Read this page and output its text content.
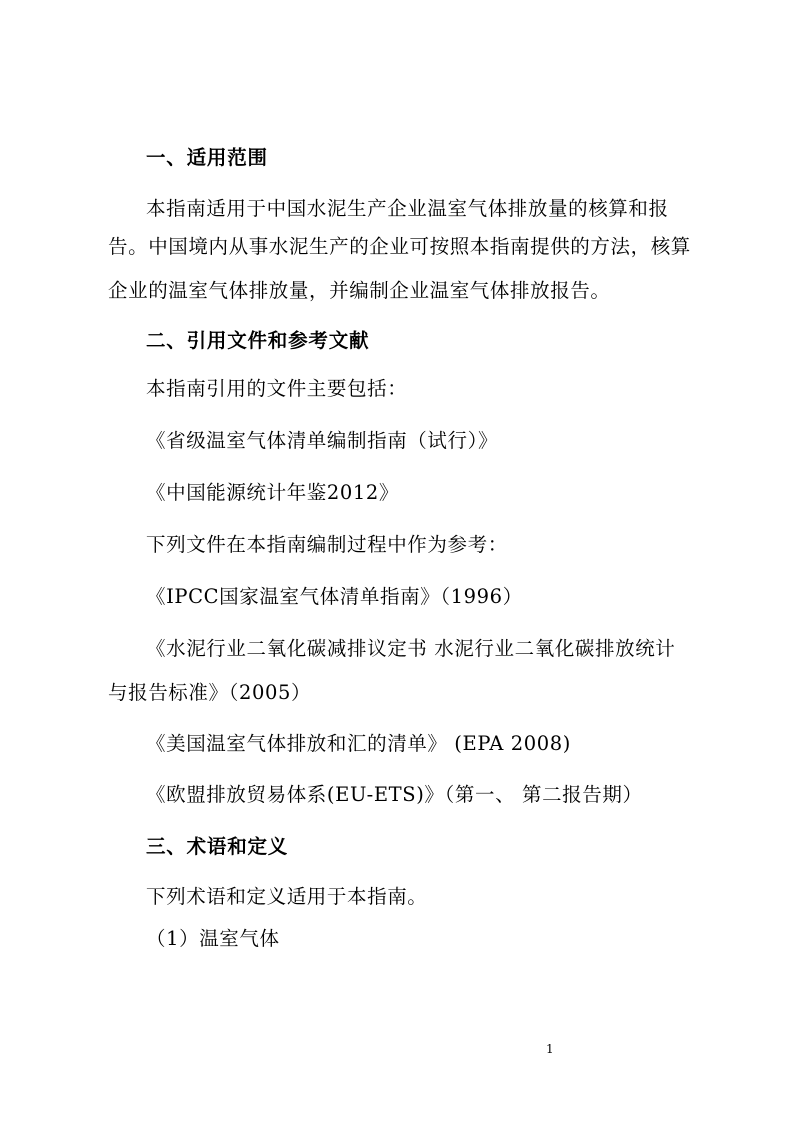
一、适用范围
本指南适用于中国水泥生产企业温室气体排放量的核算和报
告。中国境内从事水泥生产的企业可按照本指南提供的方法，核算
企业的温室气体排放量，并编制企业温室气体排放报告。
二、引用文件和参考文献
本指南引用的文件主要包括：
《省级温室气体清单编制指南（试行）》
《中国能源统计年鉴2012》
下列文件在本指南编制过程中作为参考：
《IPCC国家温室气体清单指南》（1996）
《水泥行业二氧化碳减排议定书 水泥行业二氧化碳排放统计
与报告标准》（2005）
《美国温室气体排放和汇的清单》 (EPA 2008)
《欧盟排放贸易体系(EU-ETS)》（第一、 第二报告期）
三、术语和定义
下列术语和定义适用于本指南。
（1）温室气体
1
